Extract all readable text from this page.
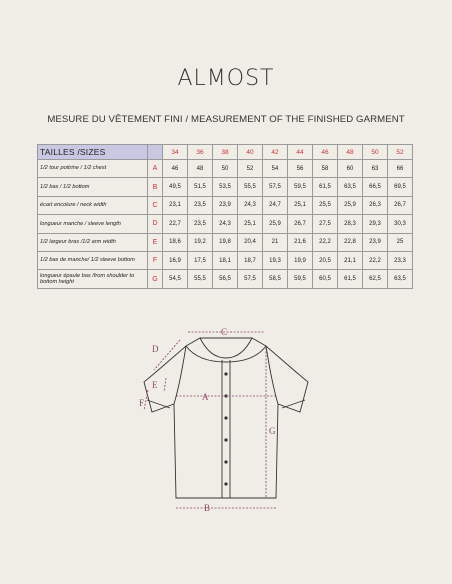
ALMOST
MESURE DU VÊTEMENT FINI / MEASUREMENT OF THE FINISHED GARMENT
TAILLES /SIZES		34	36	38	40	42	44	46	48	50	52
1/2 tour poitrine / 1/2 chest	A	46	48	50	52	54	56	58	60	63	66
1/2 bas / 1/2 bottom	B	49,5	51,5	53,5	55,5	57,5	59,5	61,5	63,5	66,5	69,5
écart encolure / neck width	C	23,1	23,5	23,9	24,3	24,7	25,1	25,5	25,9	26,3	26,7
longueur manche / sleeve length	D	22,7	23,5	24,3	25,1	25,9	26,7	27,5	28,3	29,3	30,3
1/2 largeur bras /1/2 arm width	E	18,6	19,2	19,8	20,4	21	21,6	22,2	22,8	23,9	25
1/2 bas de manche/ 1/2 sleeve bottom	F	16,9	17,5	18,1	18,7	19,3	19,9	20,5	21,1	22,2	23,3
longueur épaule bas /from shoulder to bottom height	G	54,5	55,5	56,5	57,5	58,5	59,5	60,5	61,5	62,5	63,5
C
D
E
F
A
G
B
